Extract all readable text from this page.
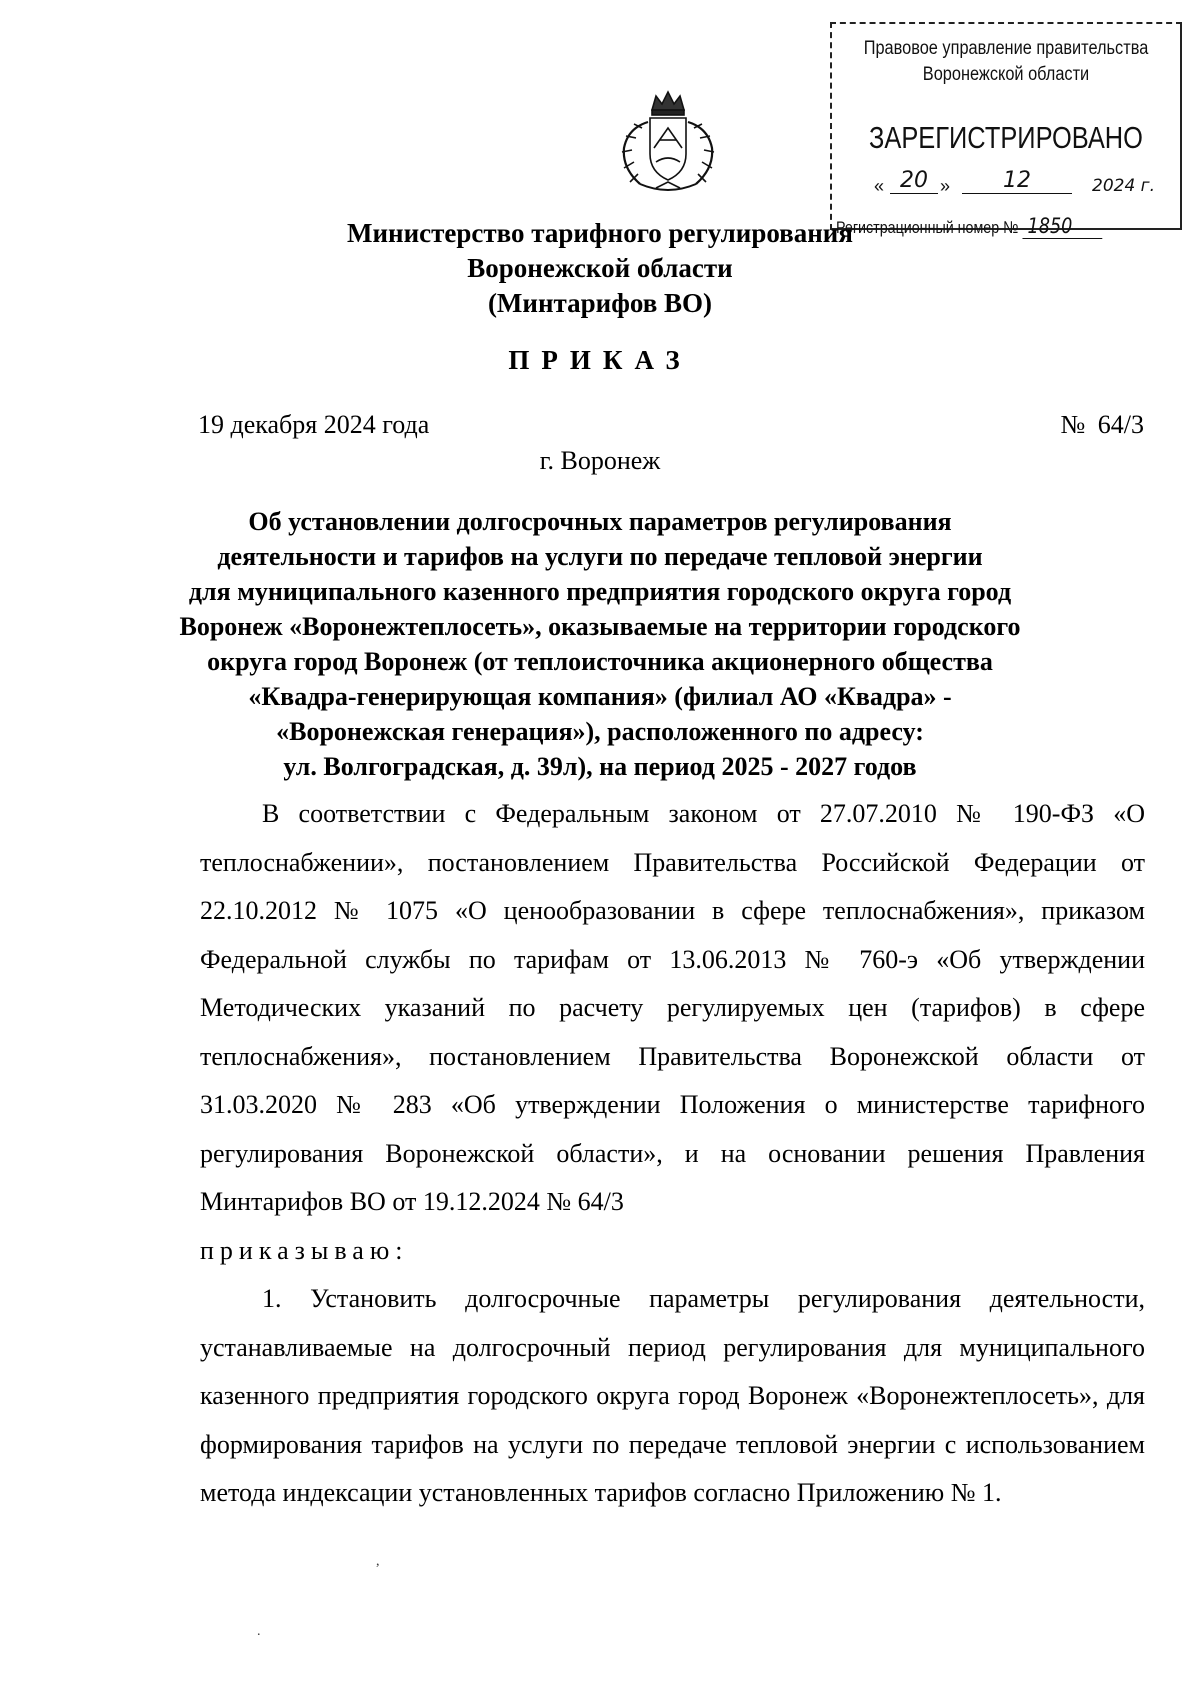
Правовое управление правительства
Воронежской области
ЗАРЕГИСТРИРОВАНО
« 20 »	12	2024 г.
Регистрационный номер № 1850
Министерство тарифного регулирования
Воронежской области
(Минтарифов ВО)
ПРИКАЗ
19 декабря 2024 года	№ 64/3
г. Воронеж
Об установлении долгосрочных параметров регулирования
деятельности и тарифов на услуги по передаче тепловой энергии
для муниципального казенного предприятия городского округа город
Воронеж «Воронежтеплосеть», оказываемые на территории городского
округа город Воронеж (от теплоисточника акционерного общества
«Квадра-генерирующая компания» (филиал АО «Квадра» -
«Воронежская генерация»), расположенного по адресу:
ул. Волгоградская, д. 39л), на период 2025 - 2027 годов

В соответствии с Федеральным законом от 27.07.2010 № 190-ФЗ «О теплоснабжении», постановлением Правительства Российской Федерации от 22.10.2012 № 1075 «О ценообразовании в сфере теплоснабжения», приказом Федеральной службы по тарифам от 13.06.2013 № 760-э «Об утверждении Методических указаний по расчету регулируемых цен (тарифов) в сфере теплоснабжения», постановлением Правительства Воронежской области от 31.03.2020 № 283 «Об утверждении Положения о министерстве тарифного регулирования Воронежской области», и на основании решения Правления Минтарифов ВО от 19.12.2024 № 64/3

приказываю:

1. Установить долгосрочные параметры регулирования деятельности, устанавливаемые на долгосрочный период регулирования для муниципального казенного предприятия городского округа город Воронеж «Воронежтеплосеть», для формирования тарифов на услуги по передаче тепловой энергии с использованием метода индексации установленных тарифов согласно Приложению № 1.

,
.
